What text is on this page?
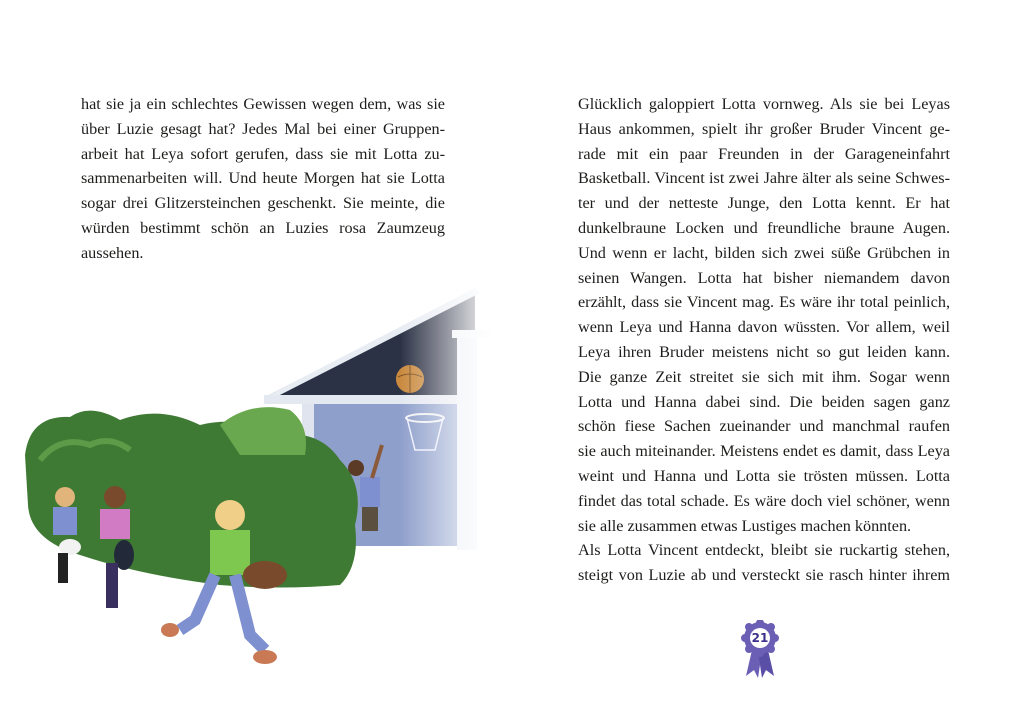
hat sie ja ein schlechtes Gewissen wegen dem, was sie
über Luzie gesagt hat? Jedes Mal bei einer Gruppen-
arbeit hat Leya sofort gerufen, dass sie mit Lotta zu-
sammenarbeiten will. Und heute Morgen hat sie Lotta
sogar drei Glitzersteinchen geschenkt. Sie meinte, die
würden bestimmt schön an Luzies rosa Zaumzeug
aussehen.
Glücklich galoppiert Lotta vornweg. Als sie bei Leyas
Haus ankommen, spielt ihr großer Bruder Vincent ge-
rade mit ein paar Freunden in der Garageneinfahrt
Basketball. Vincent ist zwei Jahre älter als seine Schwes-
ter und der netteste Junge, den Lotta kennt. Er hat
dunkelbraune Locken und freundliche braune Augen.
Und wenn er lacht, bilden sich zwei süße Grübchen in
seinen Wangen. Lotta hat bisher niemandem davon
erzählt, dass sie Vincent mag. Es wäre ihr total peinlich,
wenn Leya und Hanna davon wüssten. Vor allem, weil
Leya ihren Bruder meistens nicht so gut leiden kann.
Die ganze Zeit streitet sie sich mit ihm. Sogar wenn
Lotta und Hanna dabei sind. Die beiden sagen ganz
schön fiese Sachen zueinander und manchmal raufen
sie auch miteinander. Meistens endet es damit, dass Leya
weint und Hanna und Lotta sie trösten müssen. Lotta
findet das total schade. Es wäre doch viel schöner, wenn
sie alle zusammen etwas Lustiges machen könnten.
Als Lotta Vincent entdeckt, bleibt sie ruckartig stehen,
steigt von Luzie ab und versteckt sie rasch hinter ihrem
21
